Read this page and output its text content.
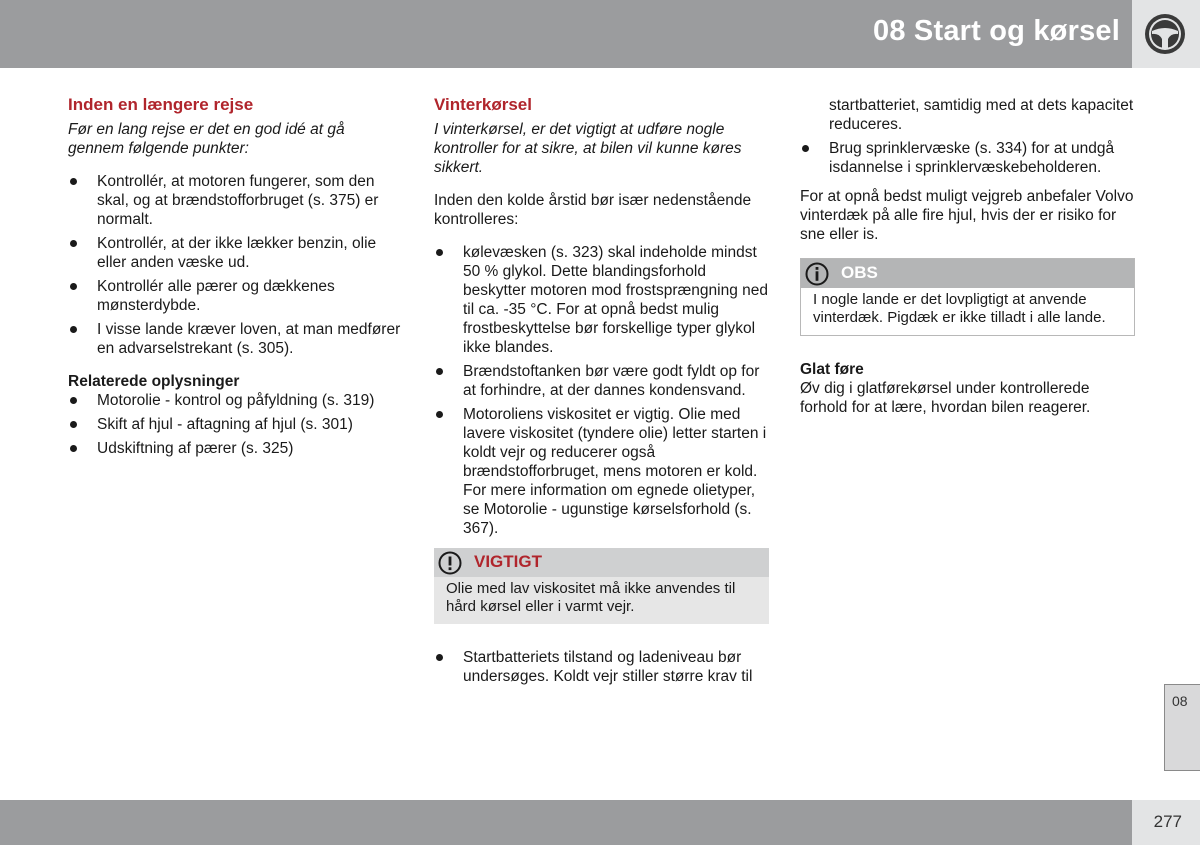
08 Start og kørsel
Inden en længere rejse
Før en lang rejse er det en god idé at gå gennem følgende punkter:
Kontrollér, at motoren fungerer, som den skal, og at brændstofforbruget (s. 375) er normalt.
Kontrollér, at der ikke lækker benzin, olie eller anden væske ud.
Kontrollér alle pærer og dækkenes mønsterdybde.
I visse lande kræver loven, at man medfører en advarselstrekant (s. 305).
Relaterede oplysninger
Motorolie - kontrol og påfyldning (s. 319)
Skift af hjul - aftagning af hjul (s. 301)
Udskiftning af pærer (s. 325)
Vinterkørsel
I vinterkørsel, er det vigtigt at udføre nogle kontroller for at sikre, at bilen vil kunne køres sikkert.

Inden den kolde årstid bør især nedenstående kontrolleres:

kølevæsken (s. 323) skal indeholde mindst 50 % glykol. Dette blandingsforhold beskytter motoren mod frostsprængning ned til ca. -35 °C. For at opnå bedst mulig frostbeskyttelse bør forskellige typer glykol ikke blandes.
Brændstoftanken bør være godt fyldt op for at forhindre, at der dannes kondensvand.
Motoroliens viskositet er vigtig. Olie med lavere viskositet (tyndere olie) letter starten i koldt vejr og reducerer også brændstofforbruget, mens motoren er kold. For mere information om egnede olietyper, se Motorolie - ugunstige kørselsforhold (s. 367).
VIGTIGT
Olie med lav viskositet må ikke anvendes til hård kørsel eller i varmt vejr.
Startbatteriets tilstand og ladeniveau bør undersøges. Koldt vejr stiller større krav til
startbatteriet, samtidig med at dets kapacitet reduceres.
Brug sprinklervæske (s. 334) for at undgå isdannelse i sprinklervæskebeholderen.

For at opnå bedst muligt vejgreb anbefaler Volvo vinterdæk på alle fire hjul, hvis der er risiko for sne eller is.

OBS
I nogle lande er det lovpligtigt at anvende vinterdæk. Pigdæk er ikke tilladt i alle lande.
Glat føre

Øv dig i glatførekørsel under kontrollerede forhold for at lære, hvordan bilen reagerer.

08
277
